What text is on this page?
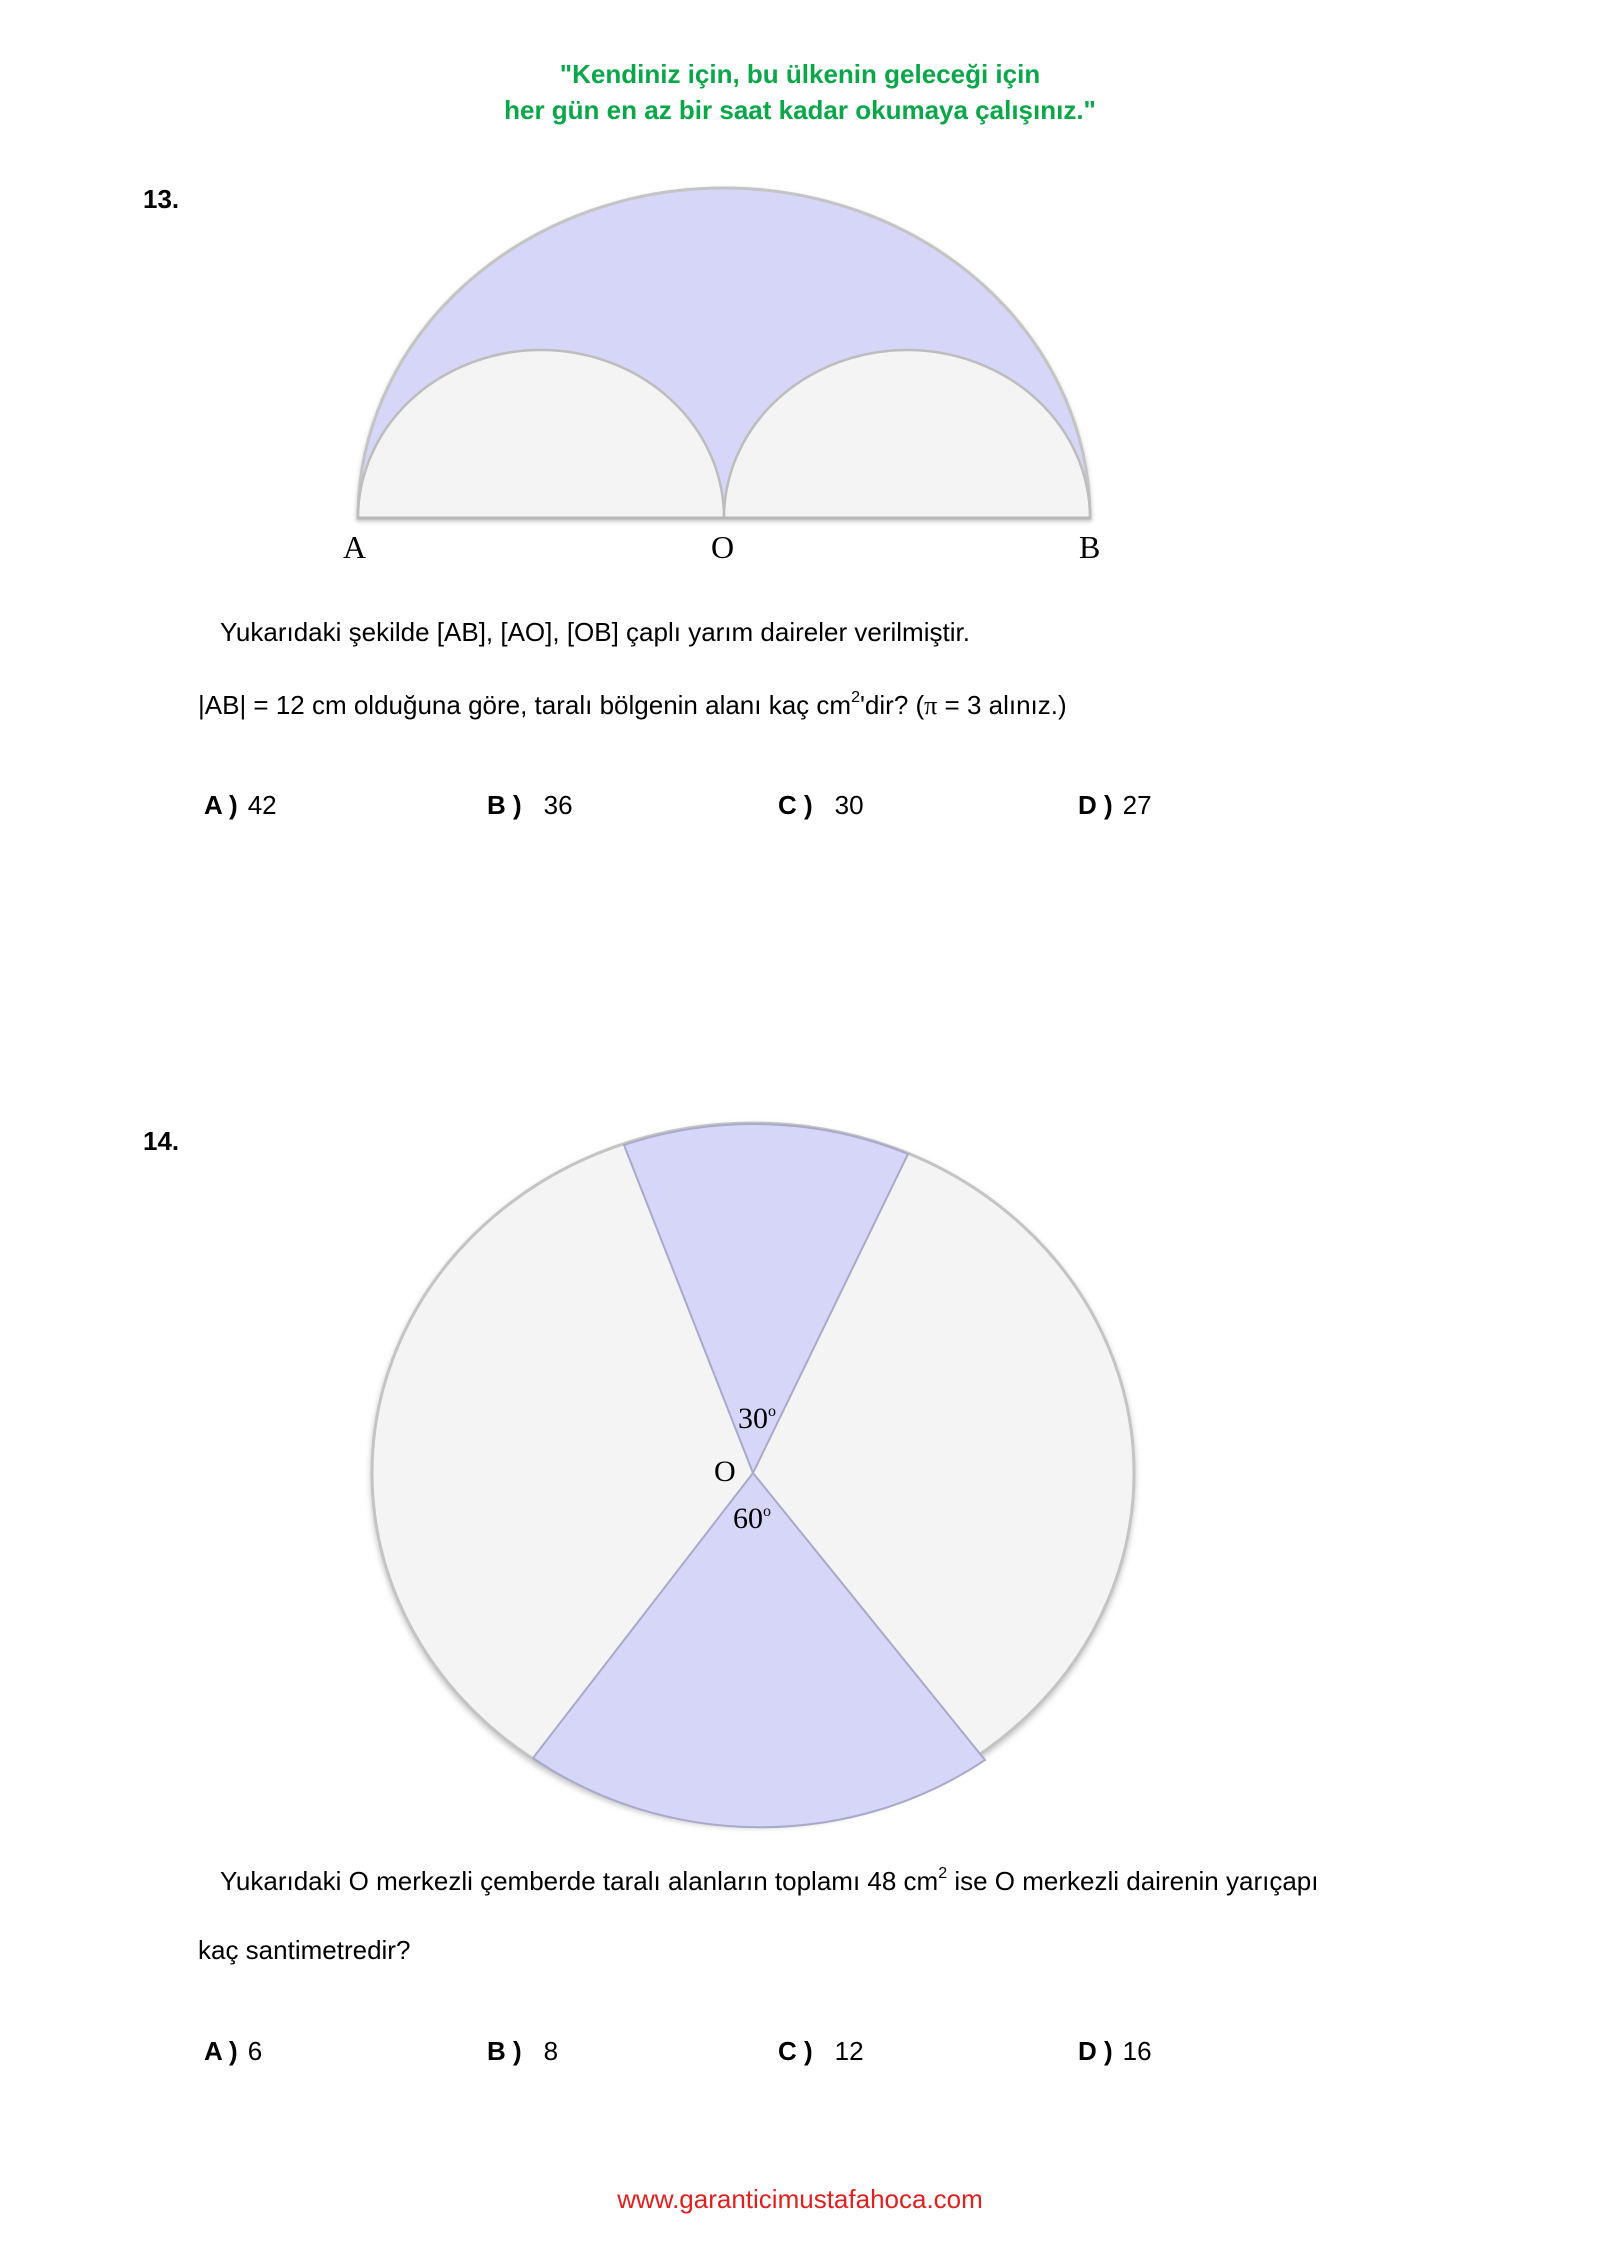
"Kendiniz için, bu ülkenin geleceği için
her gün en az bir saat kadar okumaya çalışınız."
13.
A	O	B
Yukarıdaki şekilde [AB], [AO], [OB] çaplı yarım daireler verilmiştir.
|AB| = 12 cm olduğuna göre, taralı bölgenin alanı kaç $cm^2'dir$? (π = 3 alınız.)
A ) 42	B ) 36	C ) 30	D ) 27
14.
O
30o
60o
Yukarıdaki O merkezli çemberde taralı alanların toplamı 48 $cm^2$ ise O merkezli dairenin yarıçapı
kaç santimetredir?
A ) 6	B ) 8	C ) 12	D ) 16
www.garanticimustafahoca.com
